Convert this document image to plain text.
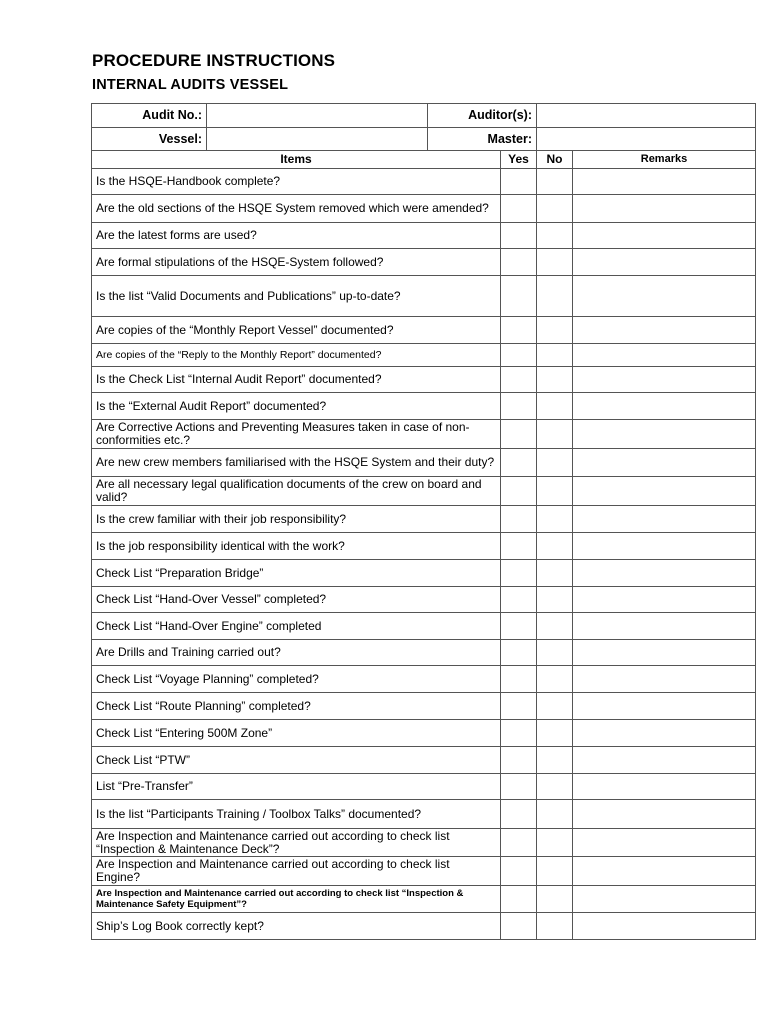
PROCEDURE INSTRUCTIONS
INTERNAL AUDITS VESSEL
Audit No.:		Auditor(s):			
Vessel:		Master:			
Items			Yes	No	Remarks
Is the HSQE-Handbook complete?					
Are the old sections of the HSQE System removed which were amended?					
Are the latest forms are used?					
Are formal stipulations of the HSQE-System followed?					
Is the list “Valid Documents and Publications” up-to-date?					
Are copies of the “Monthly Report Vessel” documented?					
Are copies of the “Reply to the Monthly Report” documented?					
Is the Check List “Internal Audit Report” documented?					
Is the “External Audit Report” documented?					
Are Corrective Actions and Preventing Measures taken in case of non-conformities etc.?					
Are new crew members familiarised with the HSQE System and their duty?					
Are all necessary legal qualification documents of the crew on board and valid?					
Is the crew familiar with their job responsibility?					
Is the job responsibility identical with the work?					
Check List “Preparation Bridge”					
Check List “Hand-Over Vessel” completed?					
Check List “Hand-Over Engine” completed					
Are Drills and Training carried out?					
Check List “Voyage Planning” completed?					
Check List “Route Planning” completed?					
Check List “Entering 500M Zone”					
Check List “PTW”					
List “Pre-Transfer”					
Is the list “Participants Training / Toolbox Talks” documented?					
Are Inspection and Maintenance carried out according to check list “Inspection & Maintenance Deck”?					
Are Inspection and Maintenance carried out according to check list Engine?					
Are Inspection and Maintenance carried out according to check list “Inspection & Maintenance Safety Equipment”?					
Ship’s Log Book correctly kept?					
